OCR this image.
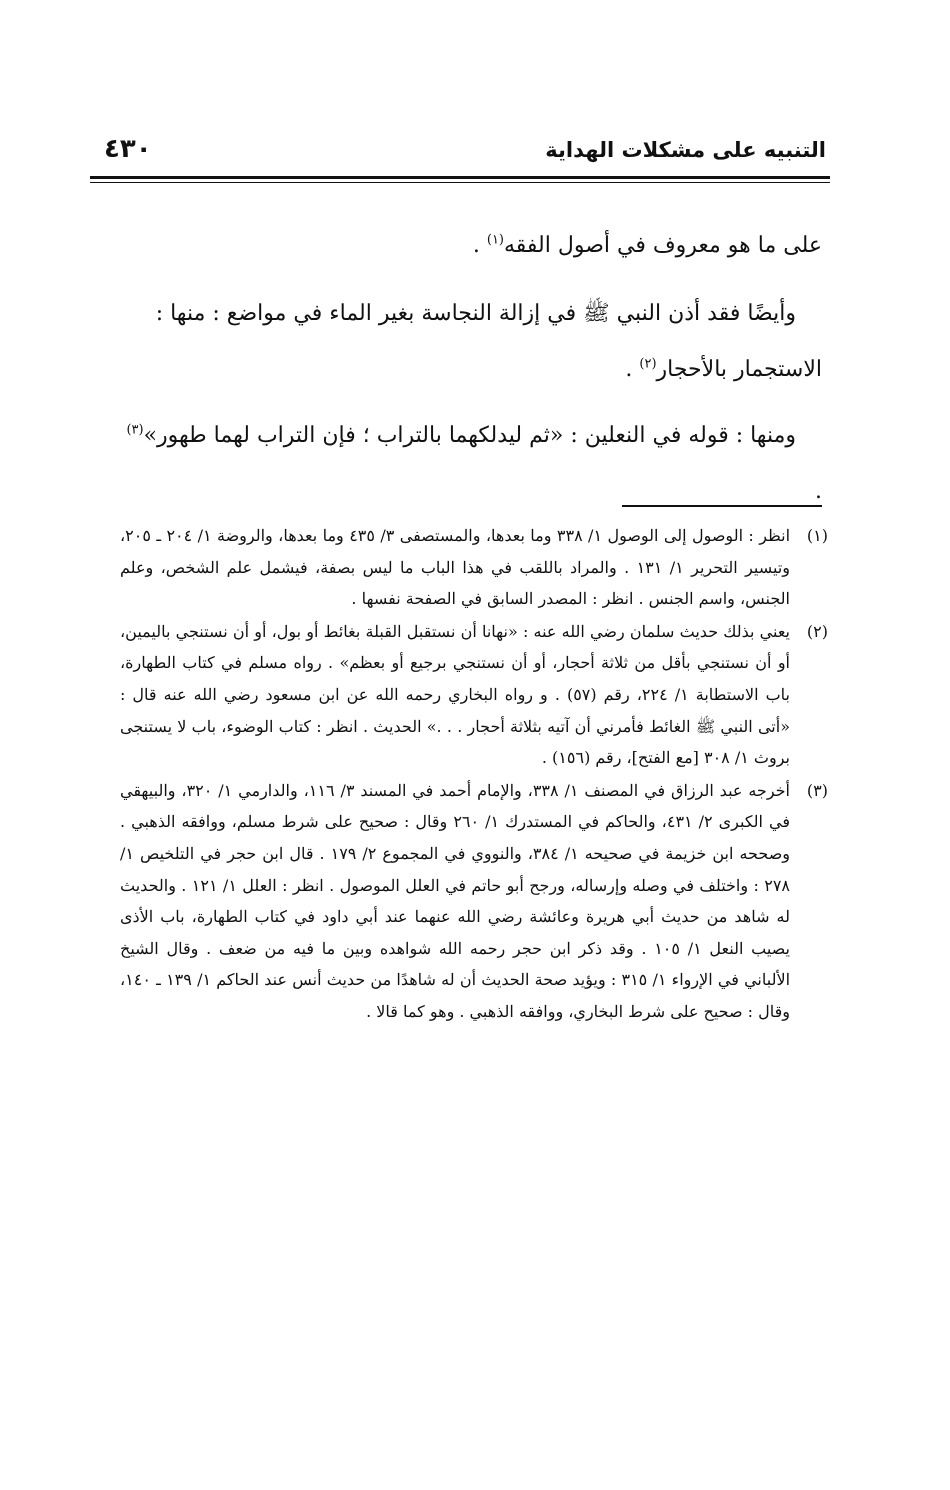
التنبيه على مشكلات الهداية
٤٣٠

على ما هو معروف في أصول الفقه$^{(١)}$ .

وأيضًا فقد أذن النبي ﷺ في إزالة النجاسة بغير الماء في مواضع : منها : الاستجمار بالأحجار$^{(٢)}$ .

ومنها : قوله في النعلين : «ثم ليدلكهما بالتراب ؛ فإن التراب لهما طهور»$^{(٣)}$ .

(١)
انظر : الوصول إلى الوصول ١/ ٣٣٨ وما بعدها، والمستصفى ٣/ ٤٣٥ وما بعدها، والروضة ١/ ٢٠٤ ـ ٢٠٥، وتيسير التحرير ١/ ١٣١ . والمراد باللقب في هذا الباب ما ليس بصفة، فيشمل علم الشخص، وعلم الجنس، واسم الجنس . انظر : المصدر السابق في الصفحة نفسها .
(٢)
يعني بذلك حديث سلمان رضي الله عنه : «نهانا أن نستقبل القبلة بغائط أو بول، أو أن نستنجي باليمين، أو أن نستنجي بأقل من ثلاثة أحجار، أو أن نستنجي برجيع أو بعظم» . رواه مسلم في كتاب الطهارة، باب الاستطابة ١/ ٢٢٤، رقم (٥٧) . و رواه البخاري رحمه الله عن ابن مسعود رضي الله عنه قال : «أتى النبي ﷺ الغائط فأمرني أن آتيه بثلاثة أحجار . . .» الحديث . انظر : كتاب الوضوء، باب لا يستنجى بروث ١/ ٣٠٨ [مع الفتح]، رقم (١٥٦) .
(٣)
أخرجه عبد الرزاق في المصنف ١/ ٣٣٨، والإمام أحمد في المسند ٣/ ١١٦، والدارمي ١/ ٣٢٠، والبيهقي في الكبرى ٢/ ٤٣١، والحاكم في المستدرك ١/ ٢٦٠ وقال : صحيح على شرط مسلم، ووافقه الذهبي . وصححه ابن خزيمة في صحيحه ١/ ٣٨٤، والنووي في المجموع ٢/ ١٧٩ . قال ابن حجر في التلخيص ١/ ٢٧٨ : واختلف في وصله وإرساله، ورجح أبو حاتم في العلل الموصول . انظر : العلل ١/ ١٢١ . والحديث له شاهد من حديث أبي هريرة وعائشة رضي الله عنهما عند أبي داود في كتاب الطهارة، باب الأذى يصيب النعل ١/ ١٠٥ . وقد ذكر ابن حجر رحمه الله شواهده وبين ما فيه من ضعف . وقال الشيخ الألباني في الإرواء ١/ ٣١٥ : ويؤيد صحة الحديث أن له شاهدًا من حديث أنس عند الحاكم ١/ ١٣٩ ـ ١٤٠، وقال : صحيح على شرط البخاري، ووافقه الذهبي . وهو كما قالا .
